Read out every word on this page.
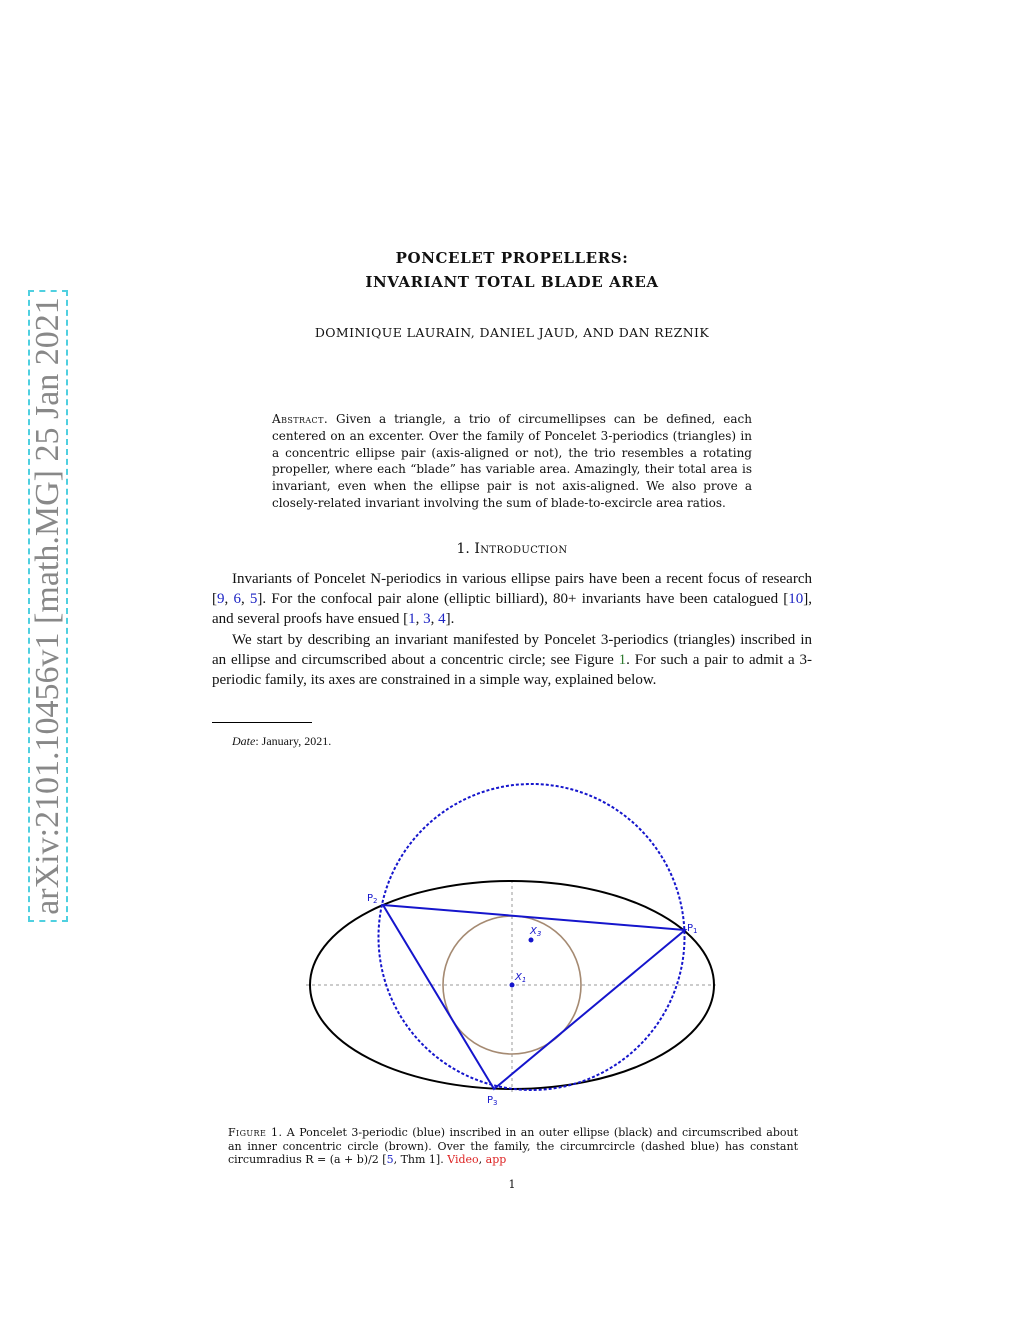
arXiv:2101.10456v1 [math.MG] 25 Jan 2021
PONCELET PROPELLERS:
INVARIANT TOTAL BLADE AREA
DOMINIQUE LAURAIN, DANIEL JAUD, AND DAN REZNIK
Abstract. Given a triangle, a trio of circumellipses can be defined, each centered on an excenter. Over the family of Poncelet 3-periodics (triangles) in a concentric ellipse pair (axis-aligned or not), the trio resembles a rotating propeller, where each “blade” has variable area. Amazingly, their total area is invariant, even when the ellipse pair is not axis-aligned. We also prove a closely-related invariant involving the sum of blade-to-excircle area ratios.
1. Introduction
Invariants of Poncelet N-periodics in various ellipse pairs have been a recent focus of research [9, 6, 5]. For the confocal pair alone (elliptic billiard), 80+ invariants have been catalogued [10], and several proofs have ensued [1, 3, 4].
We start by describing an invariant manifested by Poncelet 3-periodics (triangles) inscribed in an ellipse and circumscribed about a concentric circle; see Figure 1. For such a pair to admit a 3-periodic family, its axes are constrained in a simple way, explained below.
Date: January, 2021.
$P_2$
$P_1$
$P_3$
$X_1$
$X_3$
Figure 1. A Poncelet 3-periodic (blue) inscribed in an outer ellipse (black) and circumscribed about an inner concentric circle (brown). Over the family, the circumrcircle (dashed blue) has constant circumradius R = (a + b)/2 [5, Thm 1]. Video, app
1
